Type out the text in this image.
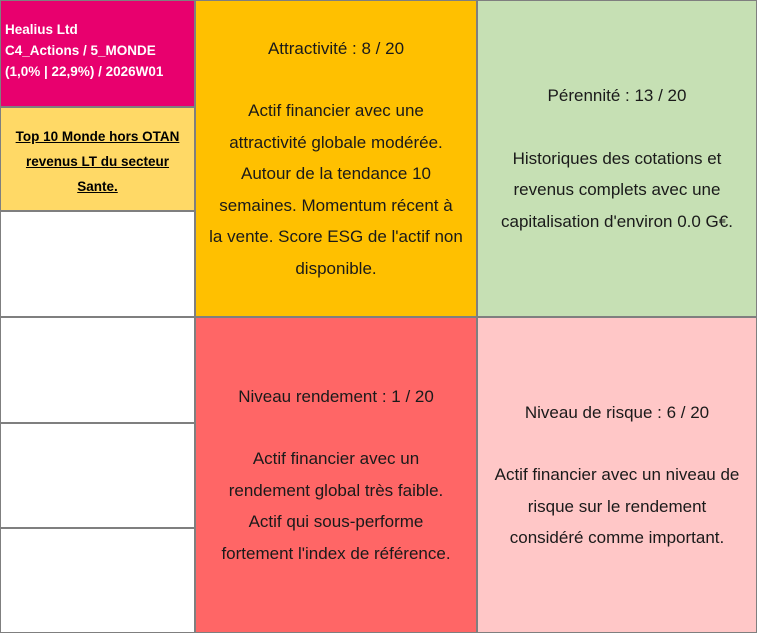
Healius Ltd
C4_Actions / 5_MONDE
(1,0% | 22,9%) / 2026W01
Top 10 Monde hors OTAN
revenus LT du secteur
Sante.
Attractivité : 8 / 20
Actif financier avec une
attractivité globale modérée.
Autour de la tendance 10
semaines. Momentum récent à
la vente. Score ESG de l'actif non
disponible.
Pérennité : 13 / 20
Historiques des cotations et
revenus complets avec une
capitalisation d'environ 0.0 G€.
Niveau rendement : 1 / 20
Actif financier avec un
rendement global très faible.
Actif qui sous-performe
fortement l'index de référence.
Niveau de risque : 6 / 20
Actif financier avec un niveau de
risque sur le rendement
considéré comme important.
